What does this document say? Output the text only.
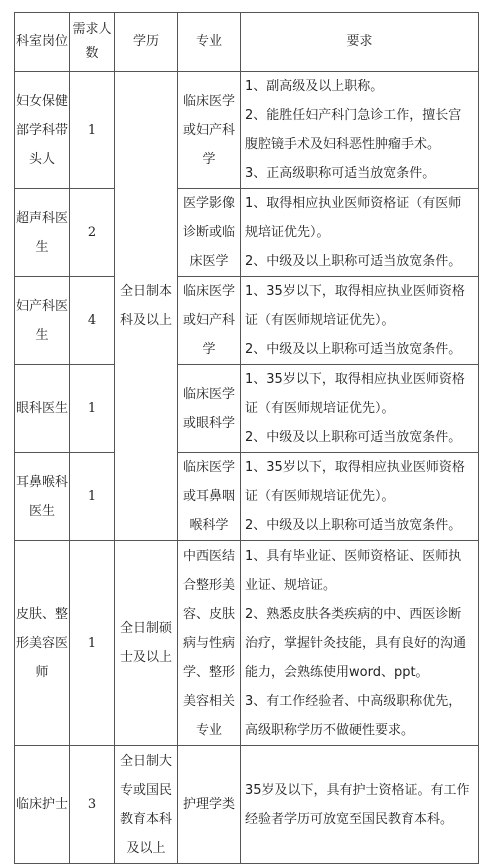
科室岗位	需求人数	学历	专业	要求
妇女保健部学科带头人	1	全日制本科及以上	临床医学或妇产科学	1、副高级及以上职称。

2、能胜任妇产科门急诊工作，擅长宫腹腔镜手术及妇科恶性肿瘤手术。

3、正高级职称可适当放宽条件。

超声科医生	2		医学影像诊断或临床医学	1、取得相应执业医师资格证（有医师规培证优先）。

2、中级及以上职称可适当放宽条件。

妇产科医生	4		临床医学或妇产科学	1、35岁以下，取得相应执业医师资格证（有医师规培证优先）。

2、中级及以上职称可适当放宽条件。

眼科医生	1		临床医学或眼科学	1、35岁以下，取得相应执业医师资格证（有医师规培证优先）。

2、中级及以上职称可适当放宽条件。

耳鼻喉科医生	1		临床医学或耳鼻咽喉科学	1、35岁以下，取得相应执业医师资格证（有医师规培证优先）。

2、中级及以上职称可适当放宽条件。

皮肤、整形美容医师	1	全日制硕士及以上	中西医结合整形美容、皮肤病与性病学、整形美容相关专业	1、具有毕业证、医师资格证、医师执业证、规培证。

2、熟悉皮肤各类疾病的中、西医诊断治疗，掌握针灸技能，具有良好的沟通能力，会熟练使用word、ppt。

3、有工作经验者、中高级职称优先，高级职称学历不做硬性要求。

临床护士	3	全日制大专或国民教育本科及以上	护理学类	35岁及以下，具有护士资格证。有工作经验者学历可放宽至国民教育本科。
